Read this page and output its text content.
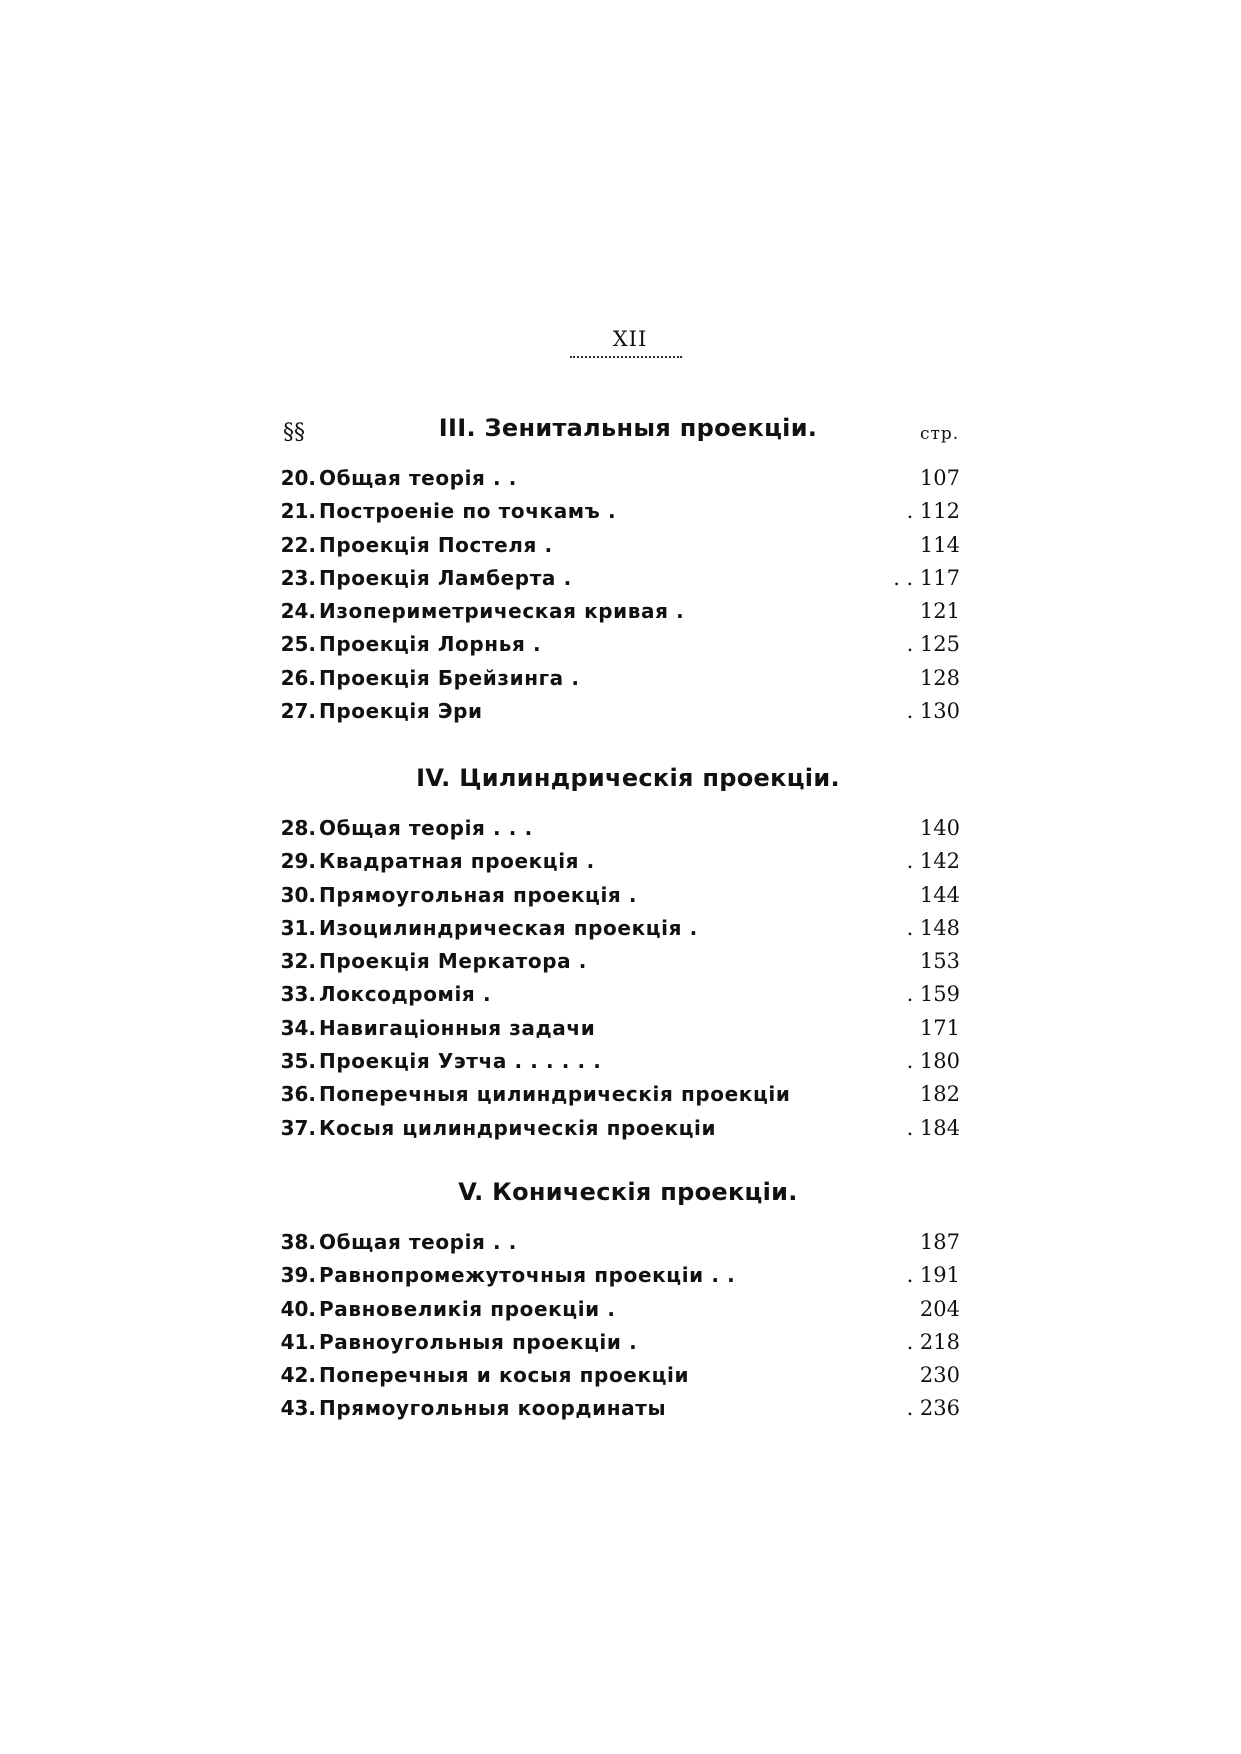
XII
§§	стр.
III. Зенитальныя проекціи.
20. Общая теорія . .	107
21. Построеніе по точкамъ .	. 112
22. Проекція Постеля .	114
23. Проекція Ламберта .	. . 117
24. Изопериметрическая кривая .	121
25. Проекція Лорнья .	. 125
26. Проекція Брейзинга .	128
27. Проекція Эри	. 130
IV. Цилиндрическія проекціи.
28. Общая теорія . . .	140
29. Квадратная проекція .	. 142
30. Прямоугольная проекція .	144
31. Изоцилиндрическая проекція .	. 148
32. Проекція Меркатора .	153
33. Локсодромія .	. 159
34. Навигаціонныя задачи	171
35. Проекція Уэтча . . . . . .	. 180
36. Поперечныя цилиндрическія проекціи	182
37. Косыя цилиндрическія проекціи	. 184
V. Коническія проекціи.
38. Общая теорія . .	187
39. Равнопромежуточныя проекціи . .	. 191
40. Равновеликія проекціи .	204
41. Равноугольныя проекціи .	. 218
42. Поперечныя и косыя проекціи	230
43. Прямоугольныя координаты	. 236
